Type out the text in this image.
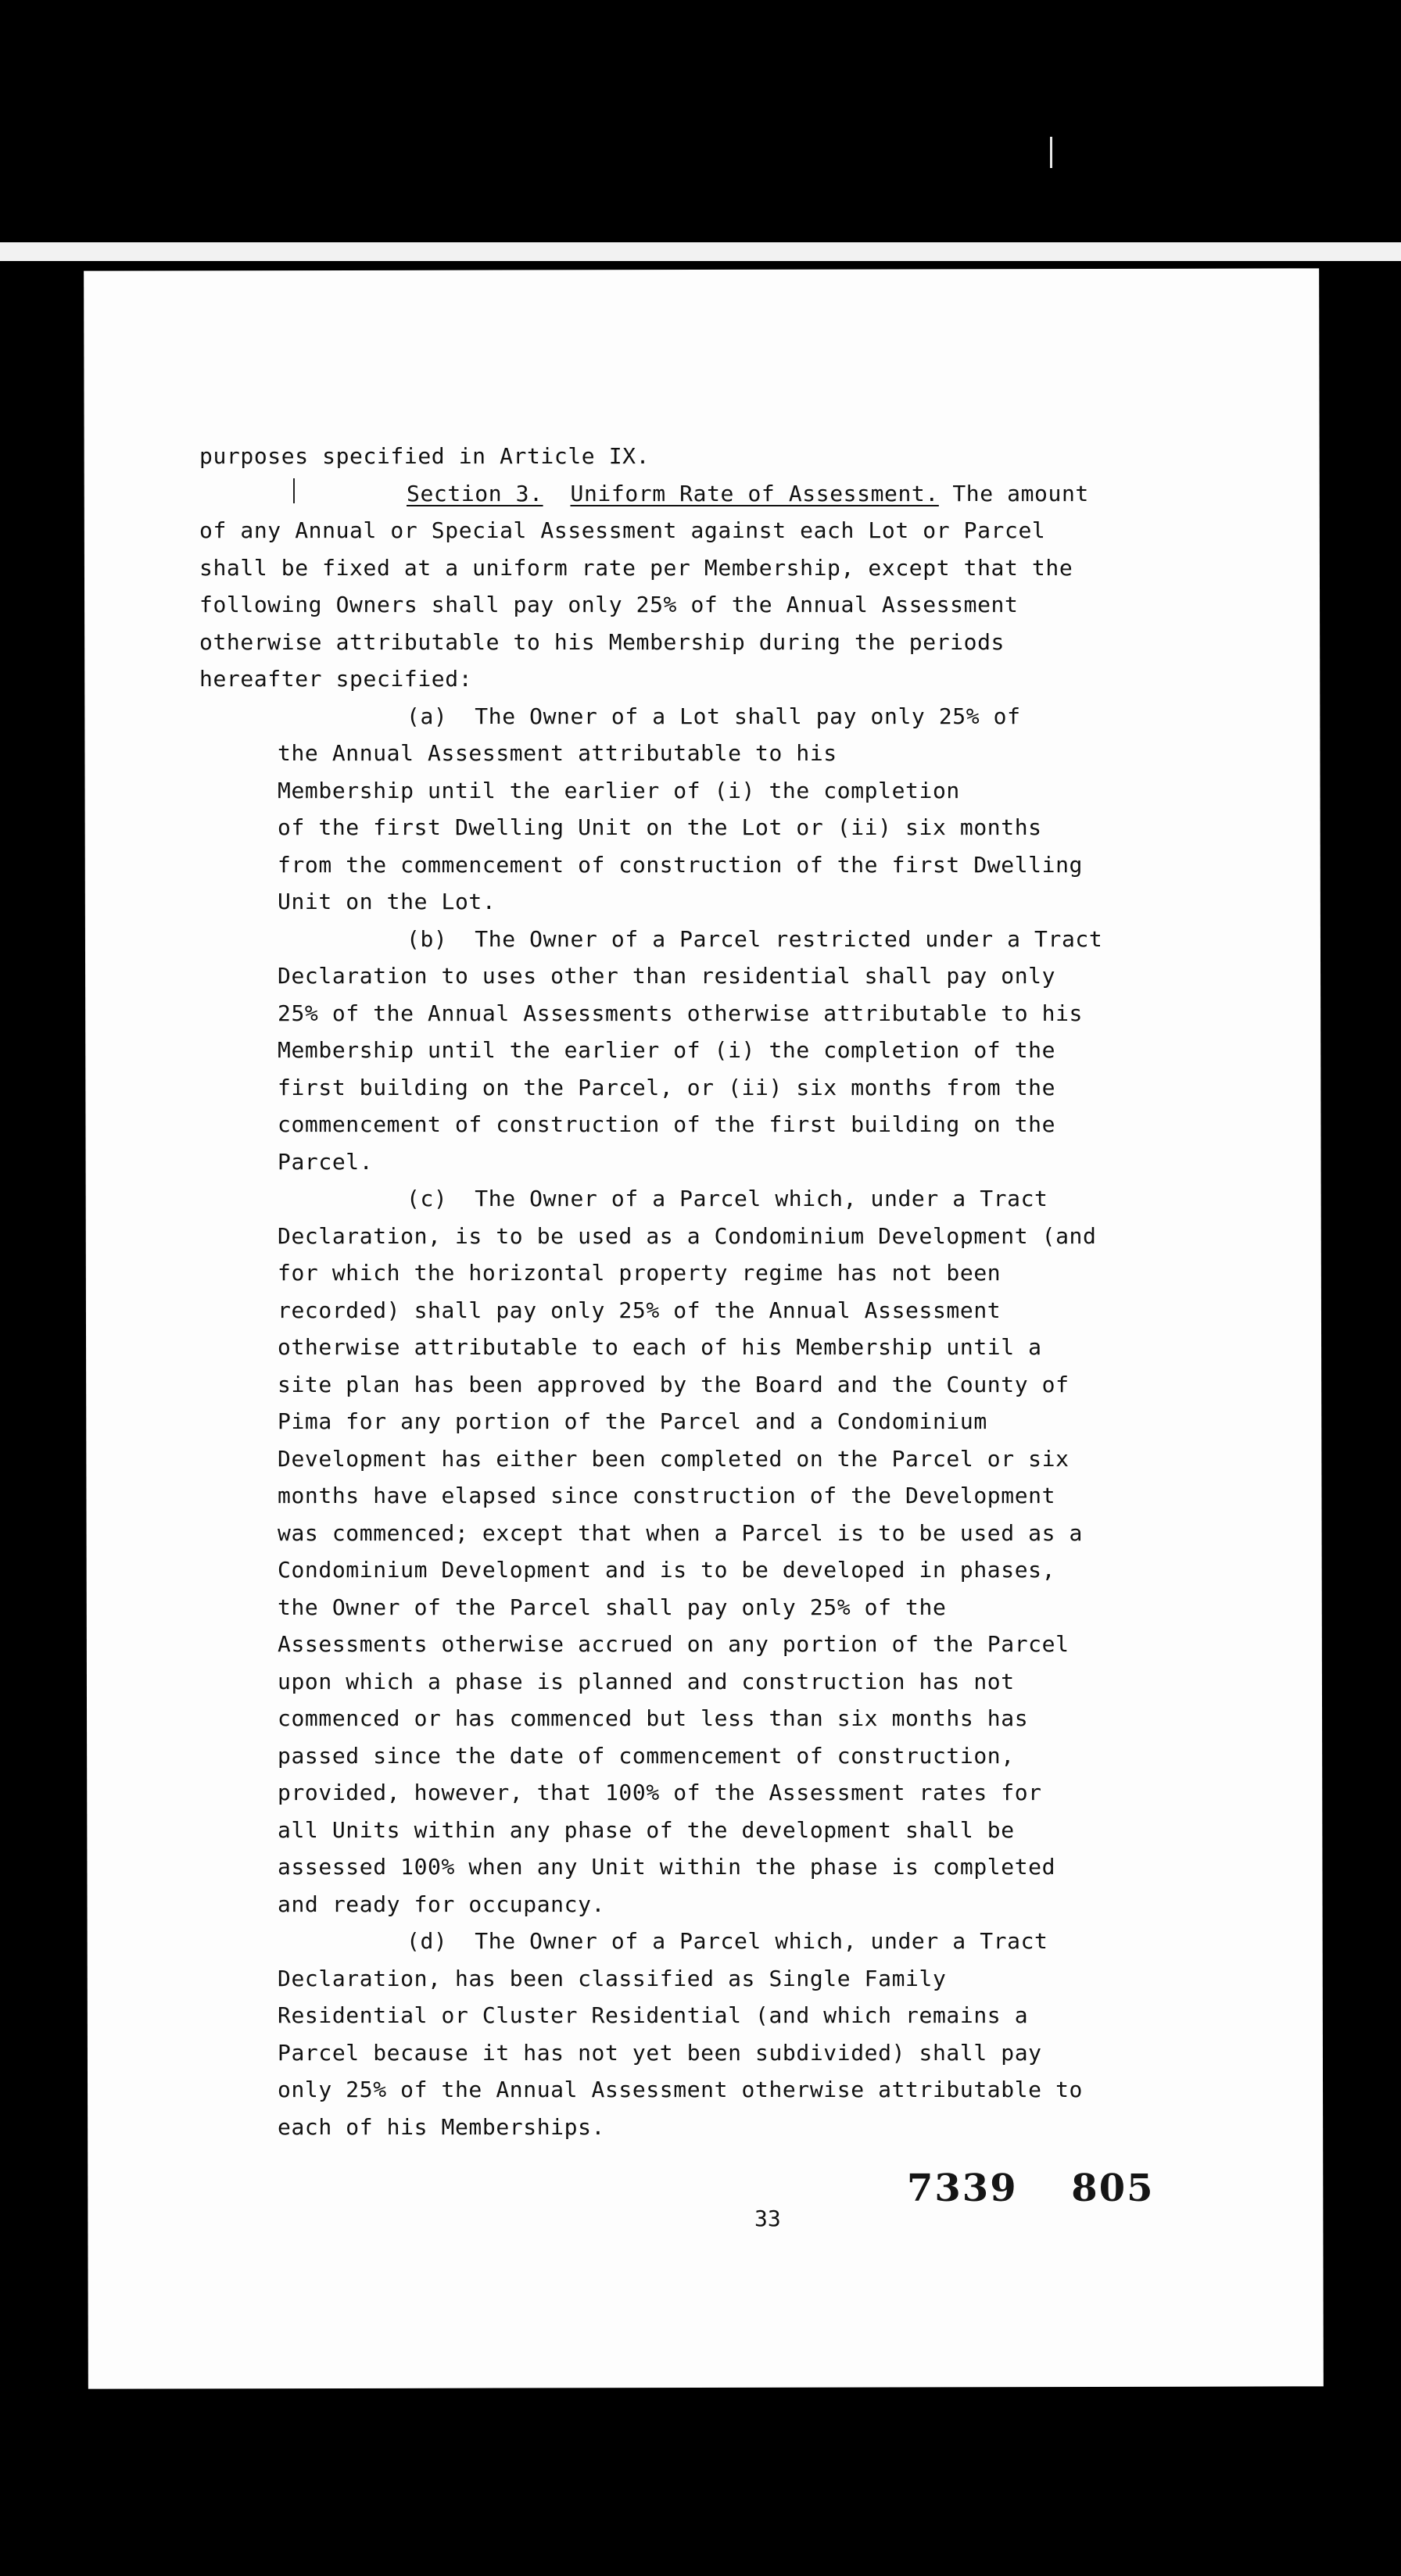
purposes specified in Article IX.
Section 3. Uniform Rate of Assessment. The amount
of any Annual or Special Assessment against each Lot or Parcel
shall be fixed at a uniform rate per Membership, except that the
following Owners shall pay only 25% of the Annual Assessment
otherwise attributable to his Membership during the periods
hereafter specified:
(a)  The Owner of a Lot shall pay only 25% of
the Annual Assessment attributable to his
Membership until the earlier of (i) the completion
of the first Dwelling Unit on the Lot or (ii) six months
from the commencement of construction of the first Dwelling
Unit on the Lot.
(b)  The Owner of a Parcel restricted under a Tract
Declaration to uses other than residential shall pay only
25% of the Annual Assessments otherwise attributable to his
Membership until the earlier of (i) the completion of the
first building on the Parcel, or (ii) six months from the
commencement of construction of the first building on the
Parcel.
(c)  The Owner of a Parcel which, under a Tract
Declaration, is to be used as a Condominium Development (and
for which the horizontal property regime has not been
recorded) shall pay only 25% of the Annual Assessment
otherwise attributable to each of his Membership until a
site plan has been approved by the Board and the County of
Pima for any portion of the Parcel and a Condominium
Development has either been completed on the Parcel or six
months have elapsed since construction of the Development
was commenced; except that when a Parcel is to be used as a
Condominium Development and is to be developed in phases,
the Owner of the Parcel shall pay only 25% of the
Assessments otherwise accrued on any portion of the Parcel
upon which a phase is planned and construction has not
commenced or has commenced but less than six months has
passed since the date of commencement of construction,
provided, however, that 100% of the Assessment rates for
all Units within any phase of the development shall be
assessed 100% when any Unit within the phase is completed
and ready for occupancy.
(d)  The Owner of a Parcel which, under a Tract
Declaration, has been classified as Single Family
Residential or Cluster Residential (and which remains a
Parcel because it has not yet been subdivided) shall pay
only 25% of the Annual Assessment otherwise attributable to
each of his Memberships.
7339 805
33
